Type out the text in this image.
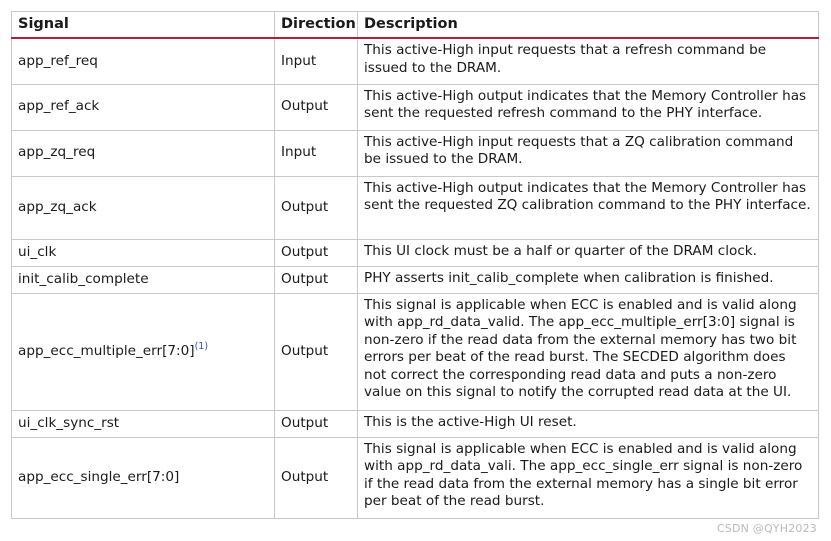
Signal	Direction	Description
app_ref_req	Input	This active-High input requests that a refresh command be issued to the DRAM.
app_ref_ack	Output	This active-High output indicates that the Memory Controller has sent the requested refresh command to the PHY interface.
app_zq_req	Input	This active-High input requests that a ZQ calibration command be issued to the DRAM.
app_zq_ack	Output	This active-High output indicates that the Memory Controller has sent the requested ZQ calibration command to the PHY interface.
ui_clk	Output	This UI clock must be a half or quarter of the DRAM clock.
init_calib_complete	Output	PHY asserts init_calib_complete when calibration is finished.
app_ecc_multiple_err[7:0]$^{(1)}$	Output	This signal is applicable when ECC is enabled and is valid along with app_rd_data_valid. The app_ecc_multiple_err[3:0] signal is non-zero if the read data from the external memory has two bit errors per beat of the read burst. The SECDED algorithm does not correct the corresponding read data and puts a non-zero value on this signal to notify the corrupted read data at the UI.
ui_clk_sync_rst	Output	This is the active-High UI reset.
app_ecc_single_err[7:0]	Output	This signal is applicable when ECC is enabled and is valid along with app_rd_data_vali. The app_ecc_single_err signal is non-zero if the read data from the external memory has a single bit error per beat of the read burst.
CSDN @QYH2023
